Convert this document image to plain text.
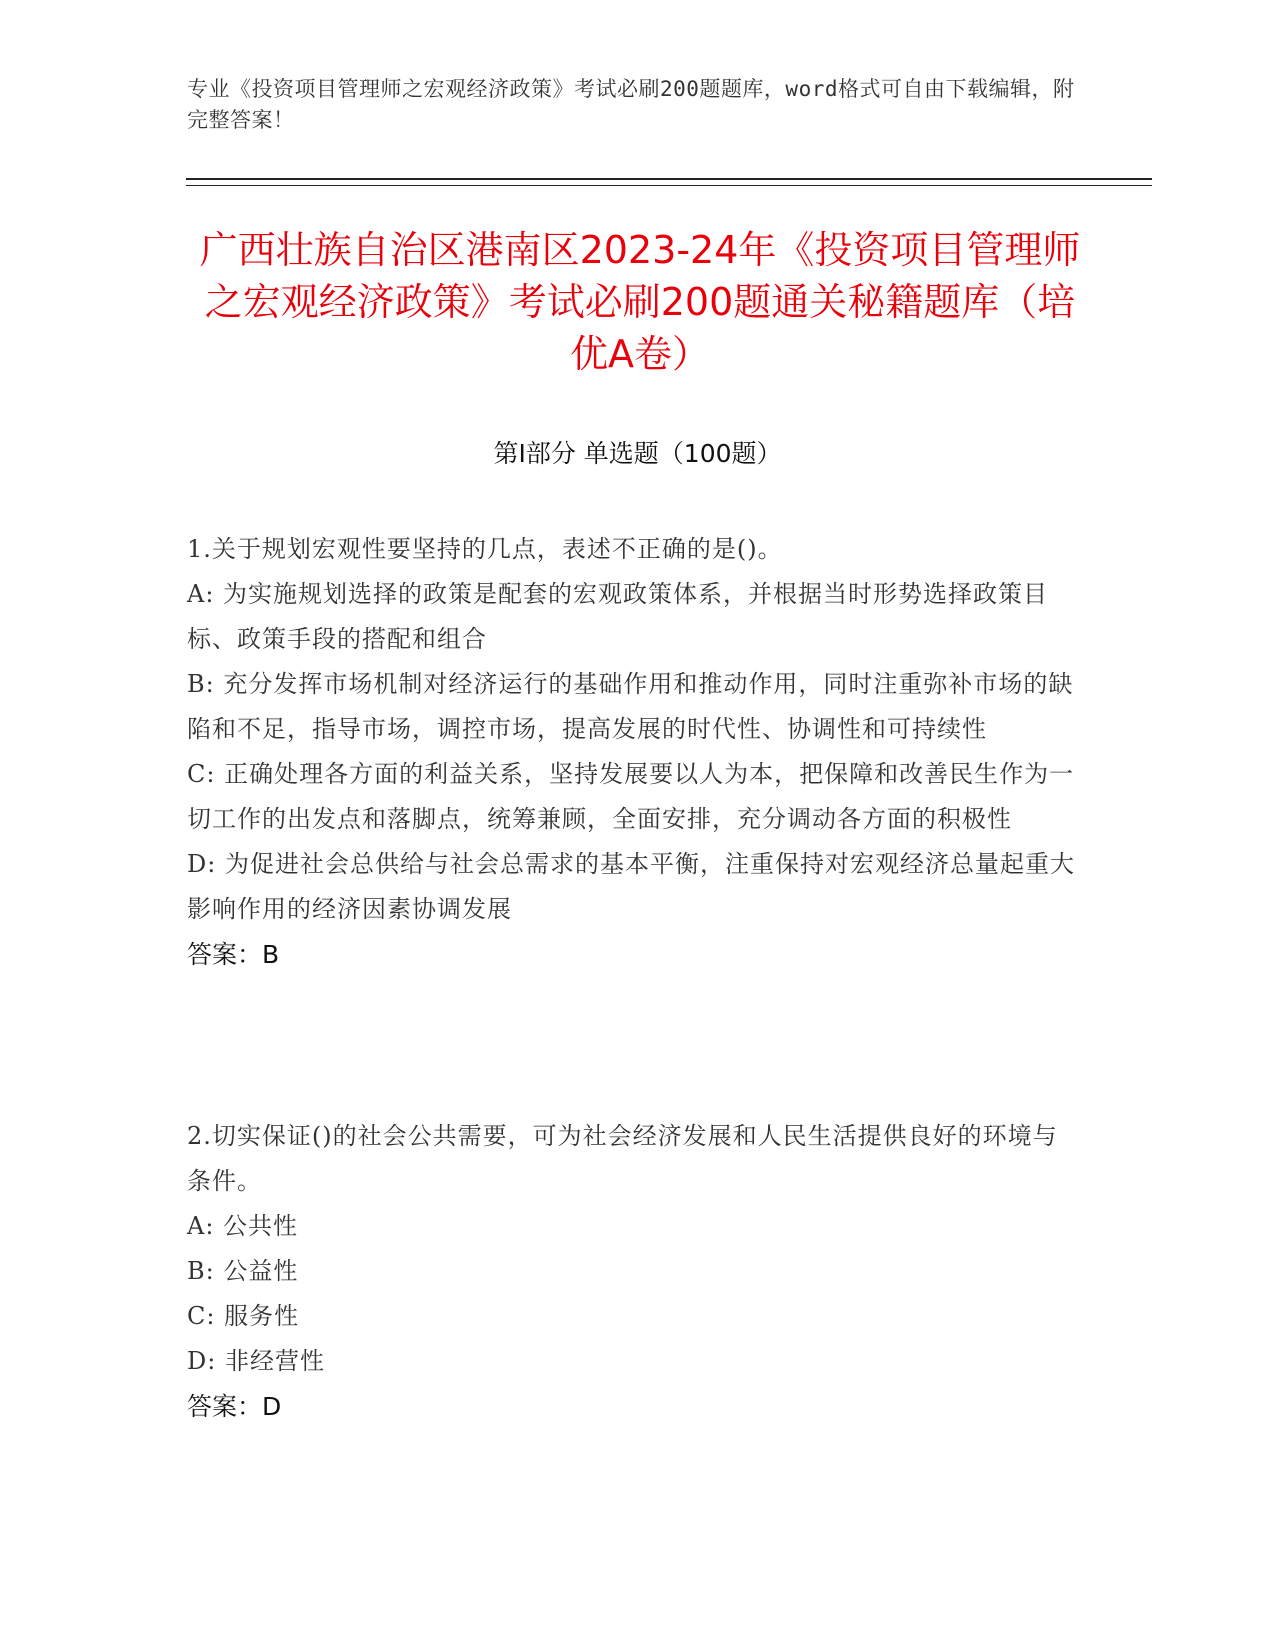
专业《投资项目管理师之宏观经济政策》考试必刷200题题库，word格式可自由下载编辑，附完整答案！
广西壮族自治区港南区2023-24年《投资项目管理师之宏观经济政策》考试必刷200题通关秘籍题库（培优A卷）
第Ⅰ部分 单选题（100题）

1.关于规划宏观性要坚持的几点，表述不正确的是()。

A: 为实施规划选择的政策是配套的宏观政策体系，并根据当时形势选择政策目标、政策手段的搭配和组合

B: 充分发挥市场机制对经济运行的基础作用和推动作用，同时注重弥补市场的缺陷和不足，指导市场，调控市场，提高发展的时代性、协调性和可持续性

C: 正确处理各方面的利益关系，坚持发展要以人为本，把保障和改善民生作为一切工作的出发点和落脚点，统筹兼顾，全面安排，充分调动各方面的积极性

D: 为促进社会总供给与社会总需求的基本平衡，注重保持对宏观经济总量起重大影响作用的经济因素协调发展

答案：B

2.切实保证()的社会公共需要，可为社会经济发展和人民生活提供良好的环境与条件。

A: 公共性

B: 公益性

C: 服务性

D: 非经营性

答案：D
